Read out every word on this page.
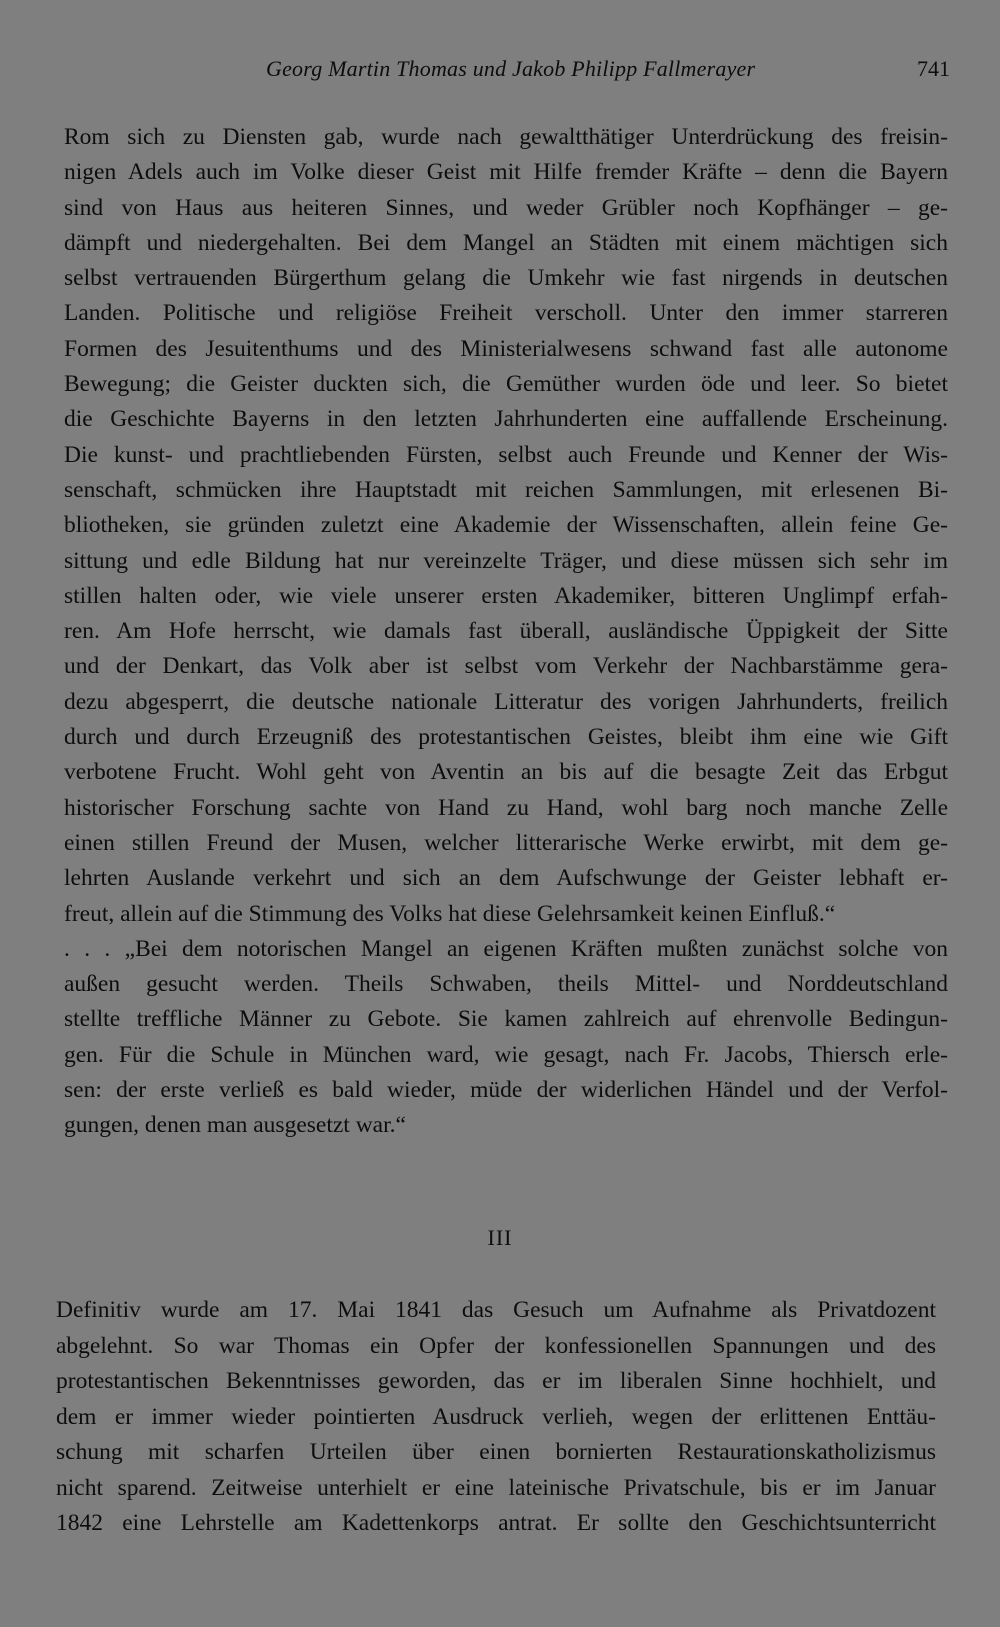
Georg Martin Thomas und Jakob Philipp Fallmerayer	741
Rom sich zu Diensten gab, wurde nach gewaltthätiger Unterdrückung des freisin-
nigen Adels auch im Volke dieser Geist mit Hilfe fremder Kräfte – denn die Bayern
sind von Haus aus heiteren Sinnes, und weder Grübler noch Kopfhänger – ge-
dämpft und niedergehalten. Bei dem Mangel an Städten mit einem mächtigen sich
selbst vertrauenden Bürgerthum gelang die Umkehr wie fast nirgends in deutschen
Landen. Politische und religiöse Freiheit verscholl. Unter den immer starreren
Formen des Jesuitenthums und des Ministerialwesens schwand fast alle autonome
Bewegung; die Geister duckten sich, die Gemüther wurden öde und leer. So bietet
die Geschichte Bayerns in den letzten Jahrhunderten eine auffallende Erscheinung.
Die kunst- und prachtliebenden Fürsten, selbst auch Freunde und Kenner der Wis-
senschaft, schmücken ihre Hauptstadt mit reichen Sammlungen, mit erlesenen Bi-
bliotheken, sie gründen zuletzt eine Akademie der Wissenschaften, allein feine Ge-
sittung und edle Bildung hat nur vereinzelte Träger, und diese müssen sich sehr im
stillen halten oder, wie viele unserer ersten Akademiker, bitteren Unglimpf erfah-
ren. Am Hofe herrscht, wie damals fast überall, ausländische Üppigkeit der Sitte
und der Denkart, das Volk aber ist selbst vom Verkehr der Nachbarstämme gera-
dezu abgesperrt, die deutsche nationale Litteratur des vorigen Jahrhunderts, freilich
durch und durch Erzeugniß des protestantischen Geistes, bleibt ihm eine wie Gift
verbotene Frucht. Wohl geht von Aventin an bis auf die besagte Zeit das Erbgut
historischer Forschung sachte von Hand zu Hand, wohl barg noch manche Zelle
einen stillen Freund der Musen, welcher litterarische Werke erwirbt, mit dem ge-
lehrten Auslande verkehrt und sich an dem Aufschwunge der Geister lebhaft er-
freut, allein auf die Stimmung des Volks hat diese Gelehrsamkeit keinen Einfluß.“
. . . „Bei dem notorischen Mangel an eigenen Kräften mußten zunächst solche von
außen gesucht werden. Theils Schwaben, theils Mittel- und Norddeutschland
stellte treffliche Männer zu Gebote. Sie kamen zahlreich auf ehrenvolle Bedingun-
gen. Für die Schule in München ward, wie gesagt, nach Fr. Jacobs, Thiersch erle-
sen: der erste verließ es bald wieder, müde der widerlichen Händel und der Verfol-
gungen, denen man ausgesetzt war.“
III
Definitiv wurde am 17. Mai 1841 das Gesuch um Aufnahme als Privatdozent
abgelehnt. So war Thomas ein Opfer der konfessionellen Spannungen und des
protestantischen Bekenntnisses geworden, das er im liberalen Sinne hochhielt, und
dem er immer wieder pointierten Ausdruck verlieh, wegen der erlittenen Enttäu-
schung mit scharfen Urteilen über einen bornierten Restaurationskatholizismus
nicht sparend. Zeitweise unterhielt er eine lateinische Privatschule, bis er im Januar
1842 eine Lehrstelle am Kadettenkorps antrat. Er sollte den Geschichtsunterricht
